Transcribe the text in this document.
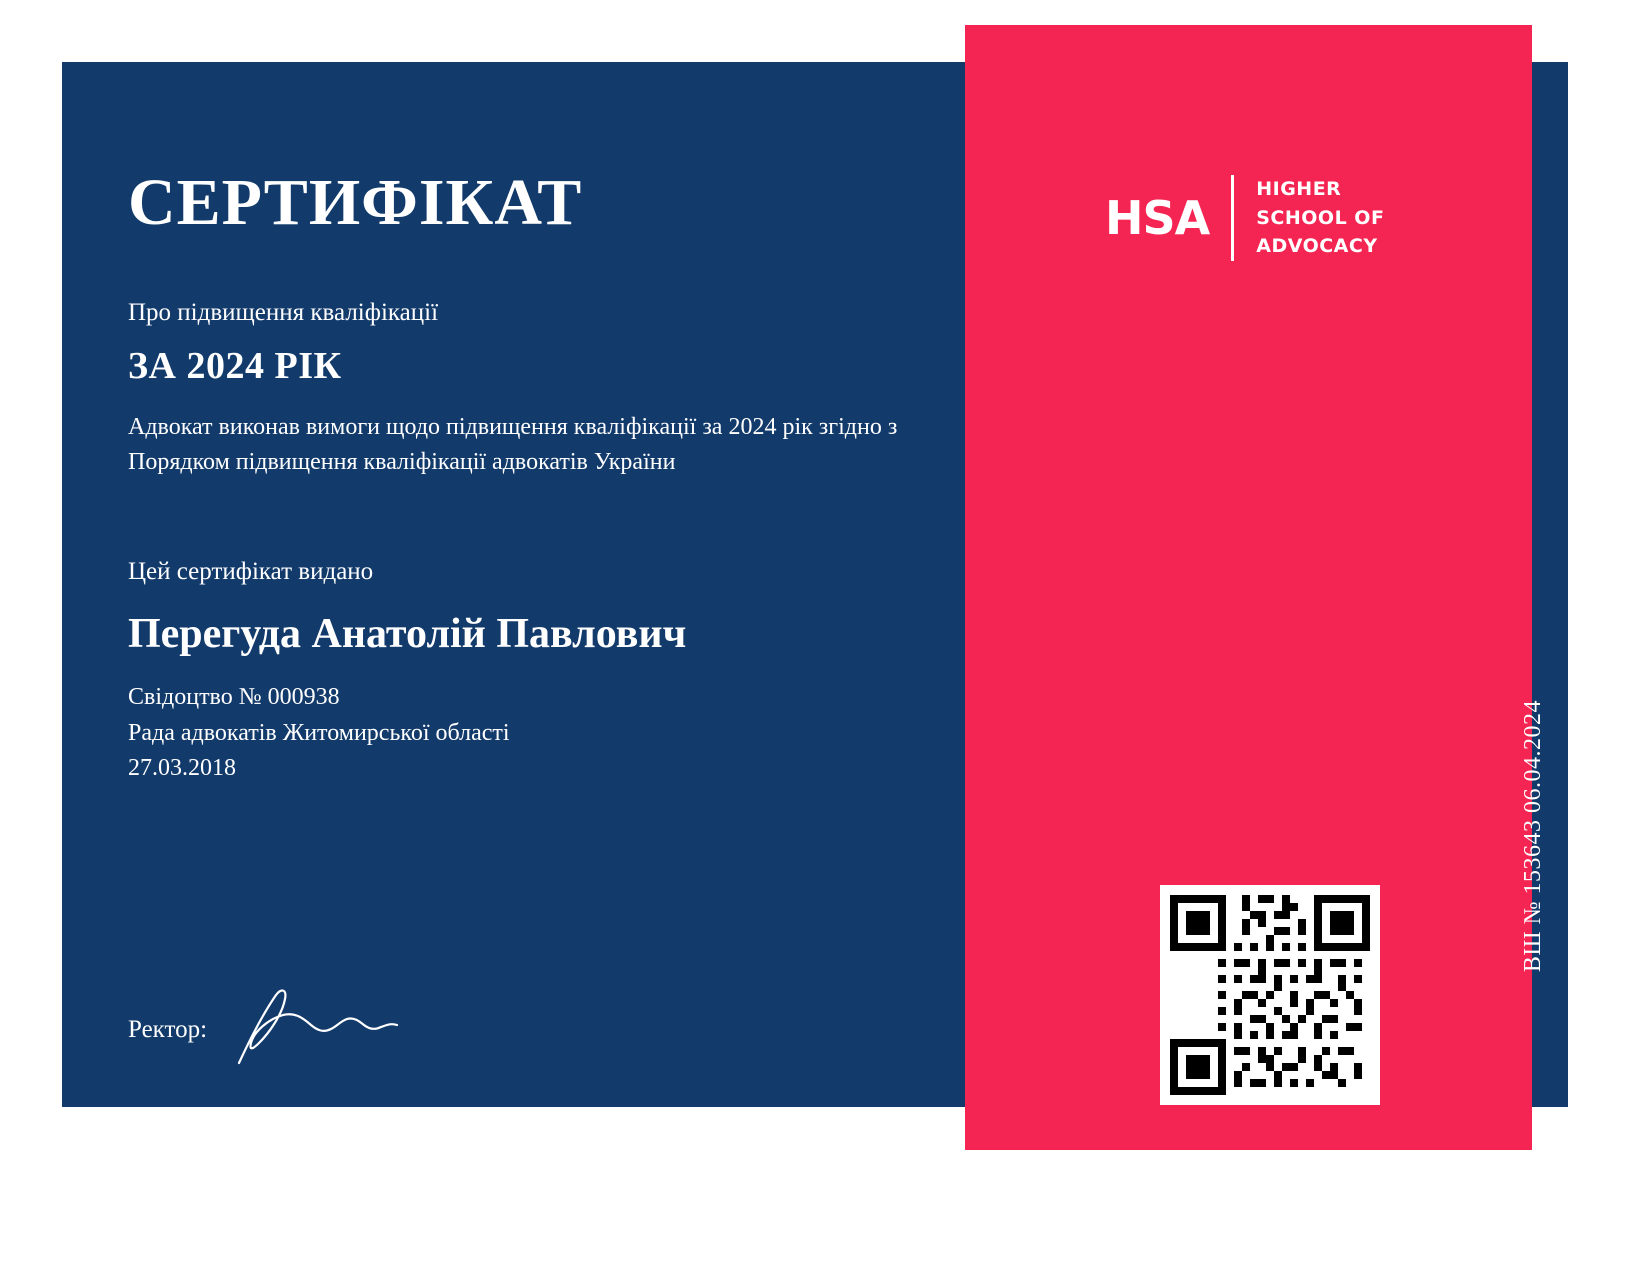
СЕРТИФІКАТ

Про підвищення кваліфікації

ЗА 2024 РІК

Адвокат виконав вимоги щодо підвищення кваліфікації за 2024 рік згідно з Порядком підвищення кваліфікації адвокатів України

Цей сертифікат видано

Перегуда Анатолій Павлович

Свідоцтво № 000938

Рада адвокатів Житомирської області

27.03.2018

Ректор:
HSA
HIGHER
SCHOOL OF
ADVOCACY
ВШ № 153643 06.04.2024
